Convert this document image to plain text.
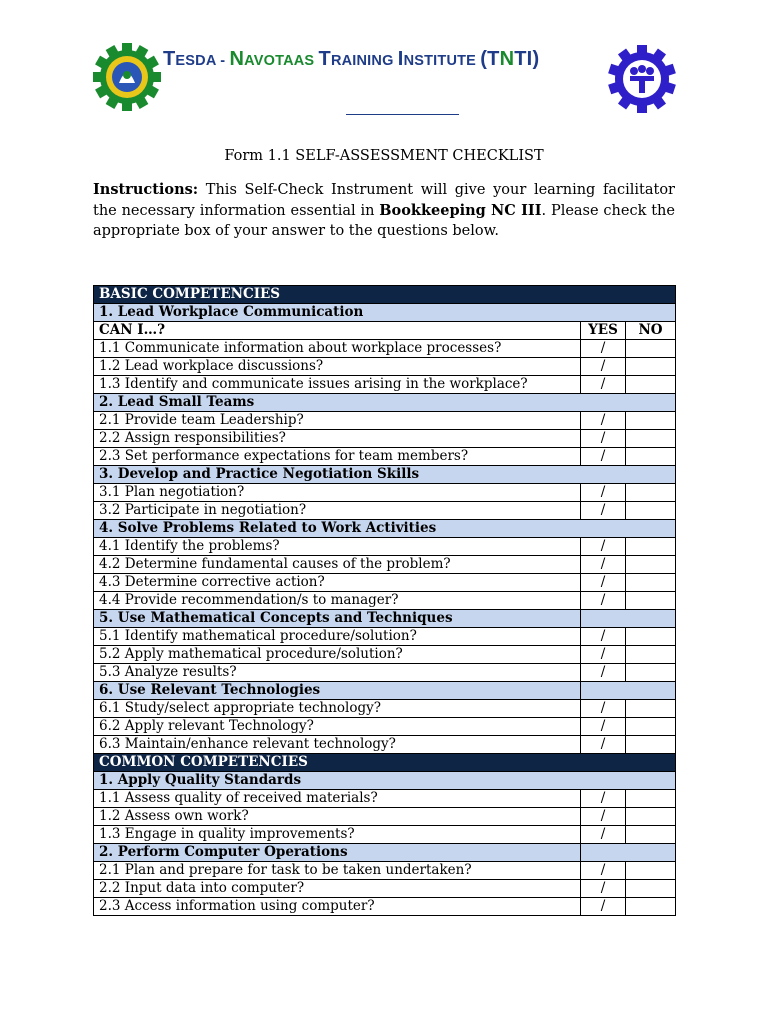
TESDA - NAVOTAAS TRAINING INSTITUTE (TNTI)
Form 1.1 SELF-ASSESSMENT CHECKLIST
Instructions: This Self-Check Instrument will give your learning facilitator the necessary information essential in Bookkeeping NC III. Please check the appropriate box of your answer to the questions below.
BASIC COMPETENCIES		
1. Lead Workplace Communication		
CAN I…?	YES	NO
1.1 Communicate information about workplace processes?	/	
1.2 Lead workplace discussions?	/	
1.3 Identify and communicate issues arising in the workplace?	/	
2. Lead Small Teams		
2.1 Provide team Leadership?	/	
2.2 Assign responsibilities?	/	
2.3 Set performance expectations for team members?	/	
3. Develop and Practice Negotiation Skills		
3.1 Plan negotiation?	/	
3.2 Participate in negotiation?	/	
4. Solve Problems Related to Work Activities		
4.1 Identify the problems?	/	
4.2 Determine fundamental causes of the problem?	/	
4.3 Determine corrective action?	/	
4.4 Provide recommendation/s to manager?	/	
5. Use Mathematical Concepts and Techniques		
5.1 Identify mathematical procedure/solution?	/	
5.2 Apply mathematical procedure/solution?	/	
5.3 Analyze results?	/	
6. Use Relevant Technologies		
6.1 Study/select appropriate technology?	/	
6.2 Apply relevant Technology?	/	
6.3 Maintain/enhance relevant technology?	/	
COMMON COMPETENCIES		
1. Apply Quality Standards		
1.1 Assess quality of received materials?	/	
1.2 Assess own work?	/	
1.3 Engage in quality improvements?	/	
2. Perform Computer Operations		
2.1 Plan and prepare for task to be taken undertaken?	/	
2.2 Input data into computer?	/	
2.3 Access information using computer?	/	
